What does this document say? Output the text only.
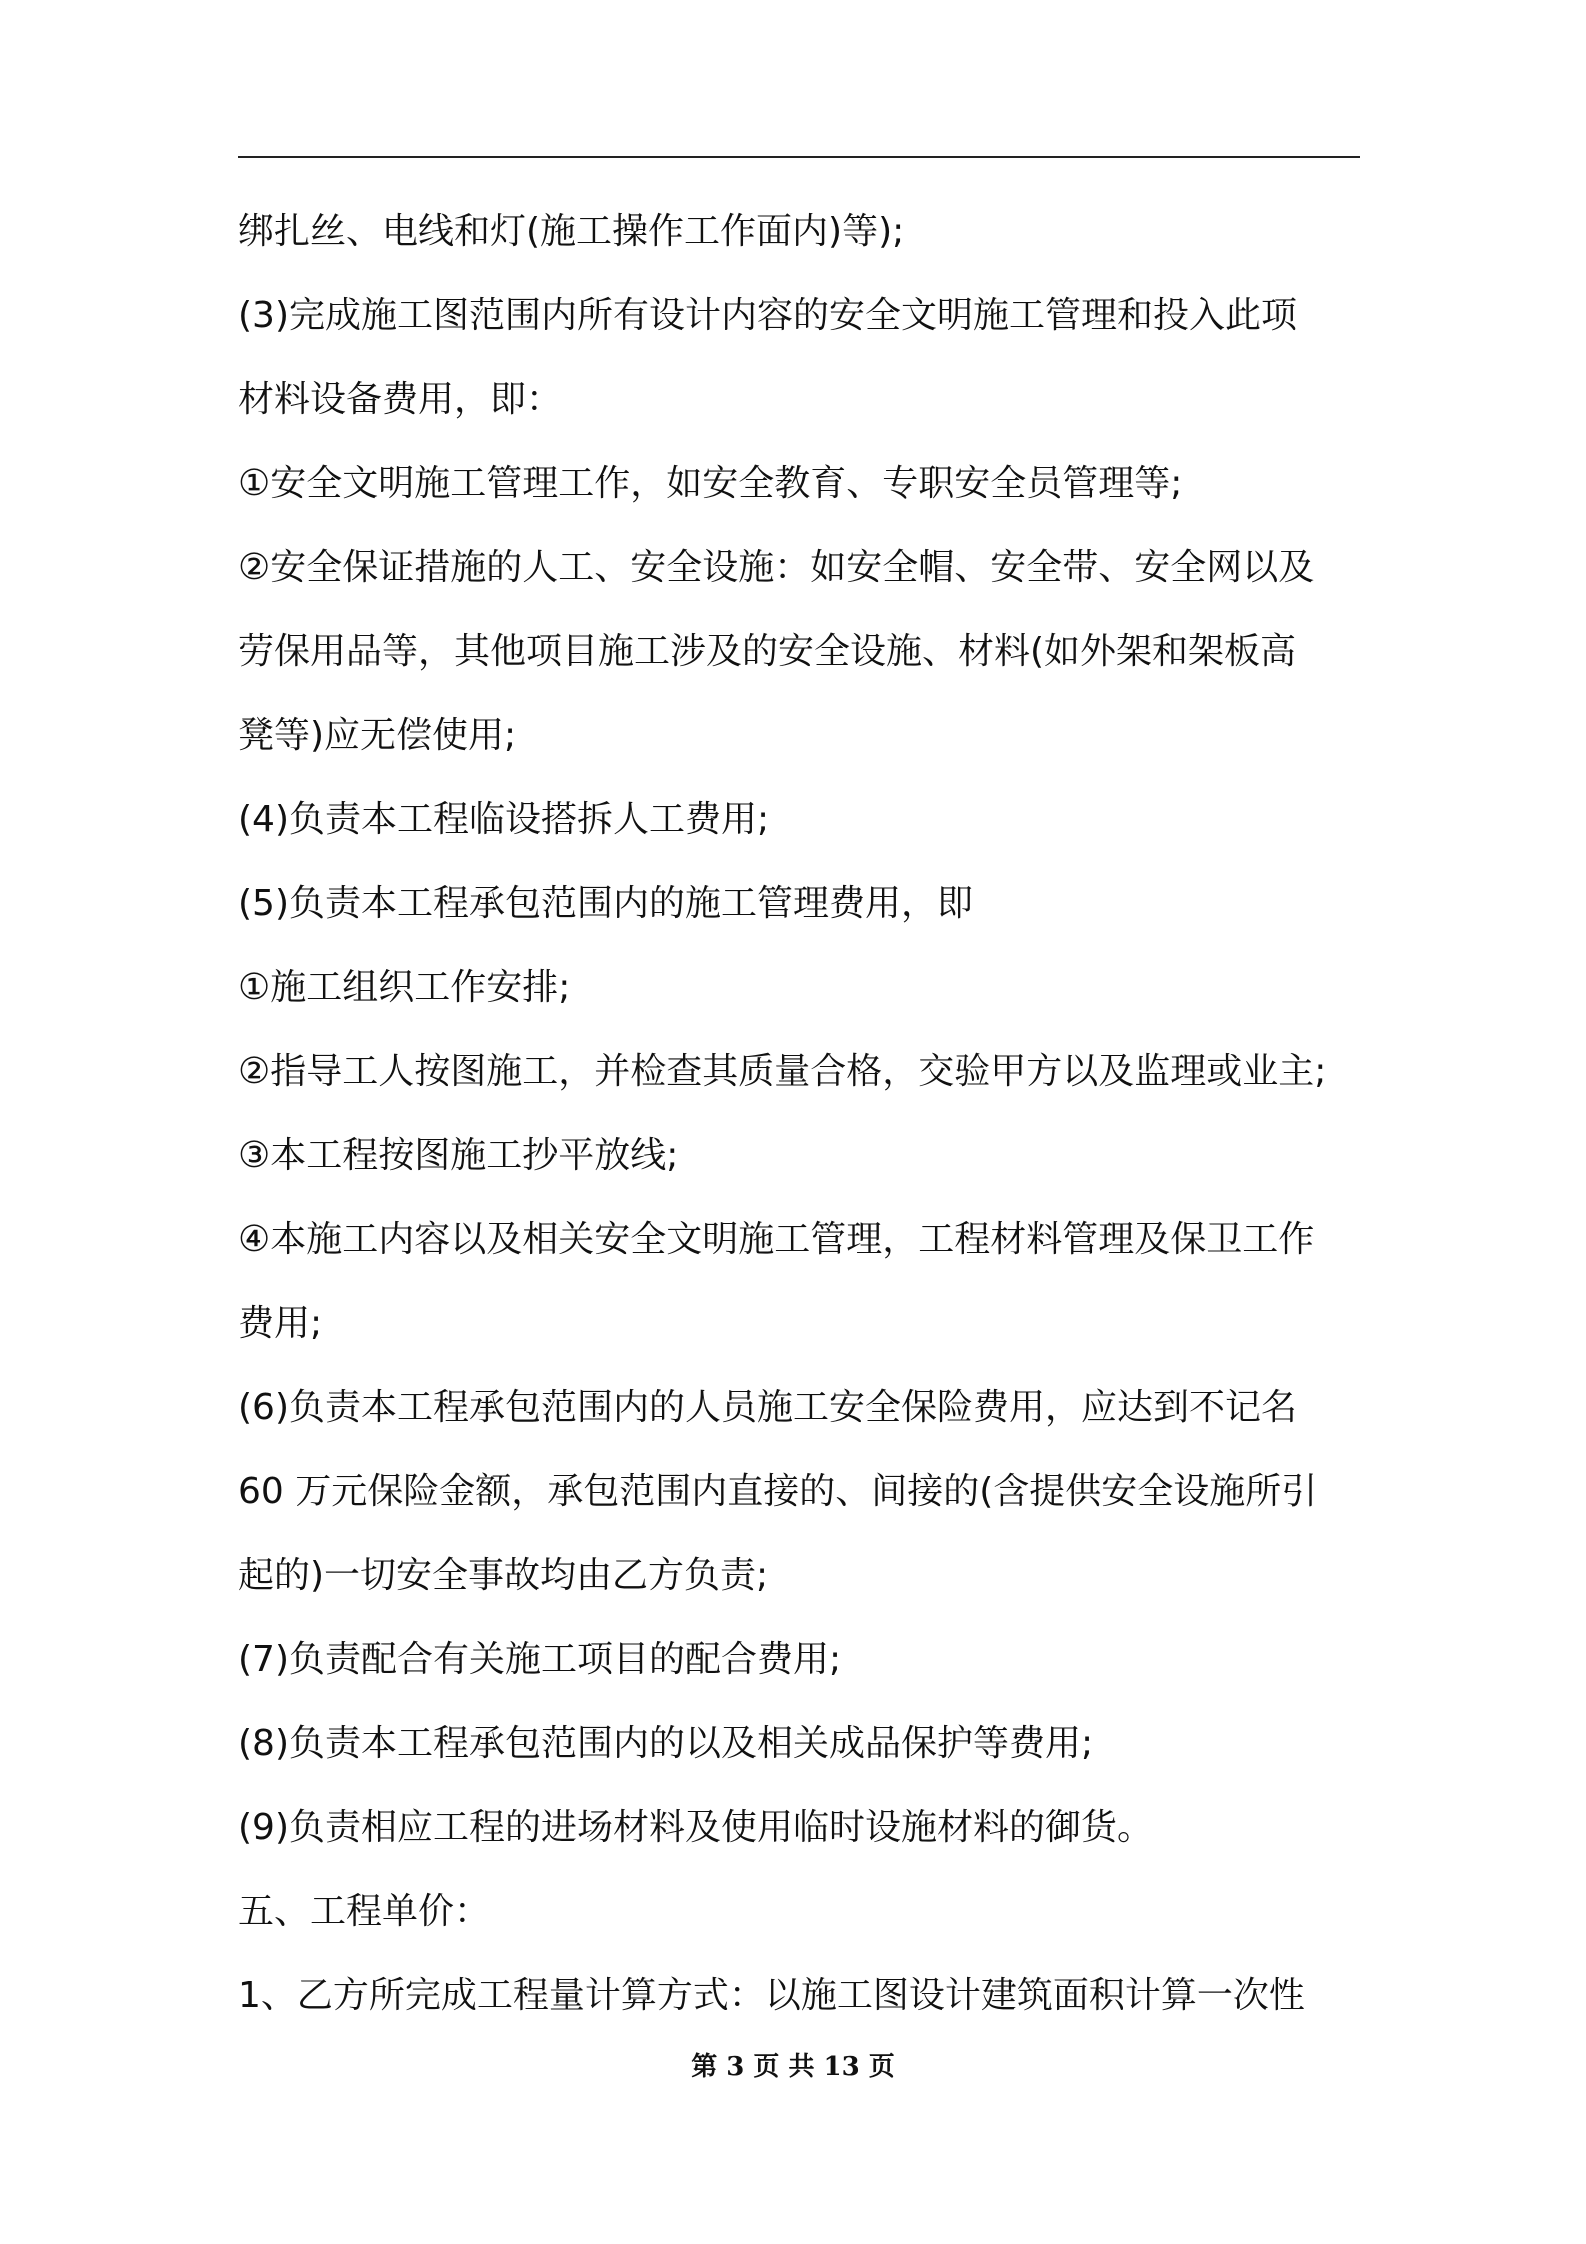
绑扎丝、电线和灯(施工操作工作面内)等);
(3)完成施工图范围内所有设计内容的安全文明施工管理和投入此项
材料设备费用，即：
①安全文明施工管理工作，如安全教育、专职安全员管理等;
②安全保证措施的人工、安全设施：如安全帽、安全带、安全网以及
劳保用品等，其他项目施工涉及的安全设施、材料(如外架和架板高
凳等)应无偿使用;
(4)负责本工程临设搭拆人工费用;
(5)负责本工程承包范围内的施工管理费用，即
①施工组织工作安排;
②指导工人按图施工，并检查其质量合格，交验甲方以及监理或业主;
③本工程按图施工抄平放线;
④本施工内容以及相关安全文明施工管理，工程材料管理及保卫工作
费用;
(6)负责本工程承包范围内的人员施工安全保险费用，应达到不记名
60 万元保险金额，承包范围内直接的、间接的(含提供安全设施所引
起的)一切安全事故均由乙方负责;
(7)负责配合有关施工项目的配合费用;
(8)负责本工程承包范围内的以及相关成品保护等费用;
(9)负责相应工程的进场材料及使用临时设施材料的御货。
五、工程单价：
1、乙方所完成工程量计算方式：以施工图设计建筑面积计算一次性
第 3 页 共 13 页
